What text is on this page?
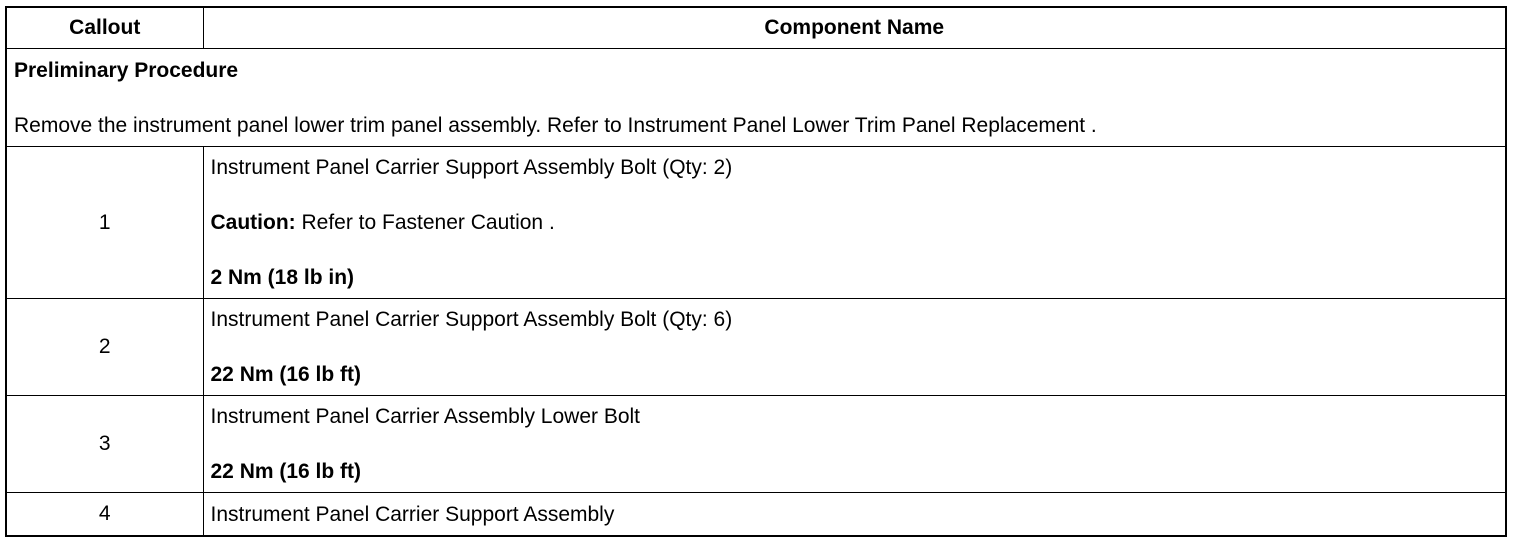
Callout	Component Name

Preliminary Procedure
Remove the instrument panel lower trim panel assembly. Refer to Instrument Panel Lower Trim Panel Replacement .	

1	Instrument Panel Carrier Support Assembly Bolt (Qty: 2)
Caution: Refer to Fastener Caution .
2 Nm (18 lb in)

2	Instrument Panel Carrier Support Assembly Bolt (Qty: 6)
22 Nm (16 lb ft)

3	Instrument Panel Carrier Assembly Lower Bolt
22 Nm (16 lb ft)

4	Instrument Panel Carrier Support Assembly
